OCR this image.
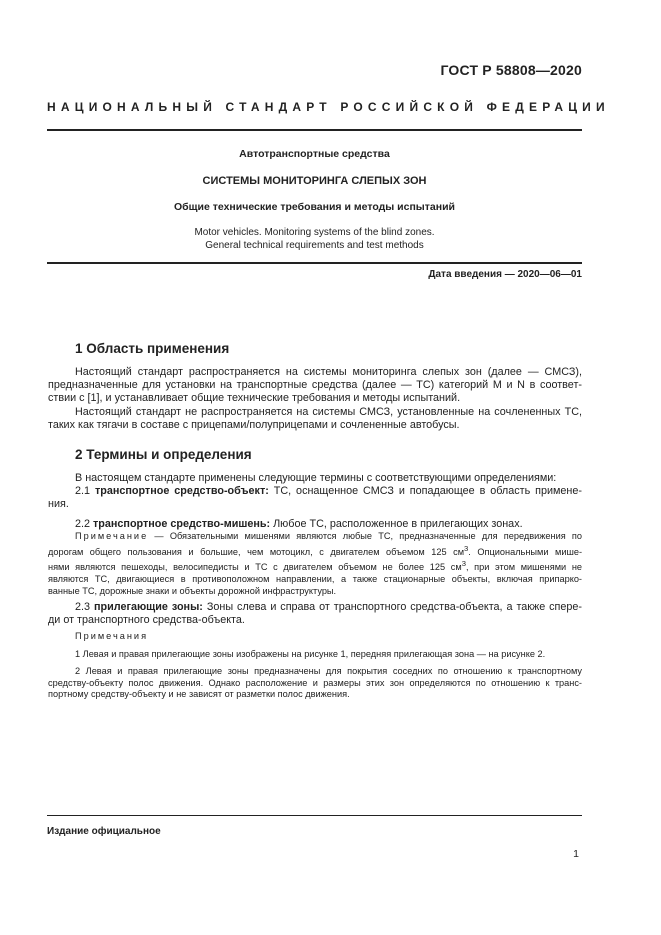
ГОСТ Р 58808—2020
НАЦИОНАЛЬНЫЙ СТАНДАРТ РОССИЙСКОЙ ФЕДЕРАЦИИ
Автотранспортные средства
СИСТЕМЫ МОНИТОРИНГА СЛЕПЫХ ЗОН
Общие технические требования и методы испытаний
Motor vehicles. Monitoring systems of the blind zones.
General technical requirements and test methods
Дата введения — 2020—06—01
1 Область применения

Настоящий стандарт распространяется на системы мониторинга слепых зон (далее — СМСЗ),

предназначенные для установки на транспортные средства (далее — ТС) категорий M и N в соответ-

ствии с [1], и устанавливает общие технические требования и методы испытаний.

Настоящий стандарт не распространяется на системы СМСЗ, установленные на сочлененных ТС,

таких как тягачи в составе с прицепами/полуприцепами и сочлененные автобусы.

2 Термины и определения

В настоящем стандарте применены следующие термины с соответствующими определениями:

2.1 транспортное средство-объект: ТС, оснащенное СМСЗ и попадающее в область примене-

ния.

2.2 транспортное средство-мишень: Любое ТС, расположенное в прилегающих зонах.

Примечание — Обязательными мишенями являются любые ТС, предназначенные для передвижения по

дорогам общего пользования и большие, чем мотоцикл, с двигателем объемом 125 $см^3$. Опциональными мише-

нями являются пешеходы, велосипедисты и ТС с двигателем объемом не более 125 $см^3$, при этом мишенями не

являются ТС, двигающиеся в противоположном направлении, а также стационарные объекты, включая припарко-

ванные ТС, дорожные знаки и объекты дорожной инфраструктуры.

2.3 прилегающие зоны: Зоны слева и справа от транспортного средства-объекта, а также спере-

ди от транспортного средства-объекта.

Примечания

1 Левая и правая прилегающие зоны изображены на рисунке 1, передняя прилегающая зона — на рисунке 2.

2 Левая и правая прилегающие зоны предназначены для покрытия соседних по отношению к транспортному

средству-объекту полос движения. Однако расположение и размеры этих зон определяются по отношению к транс-

портному средству-объекту и не зависят от разметки полос движения.

Издание официальное
1
